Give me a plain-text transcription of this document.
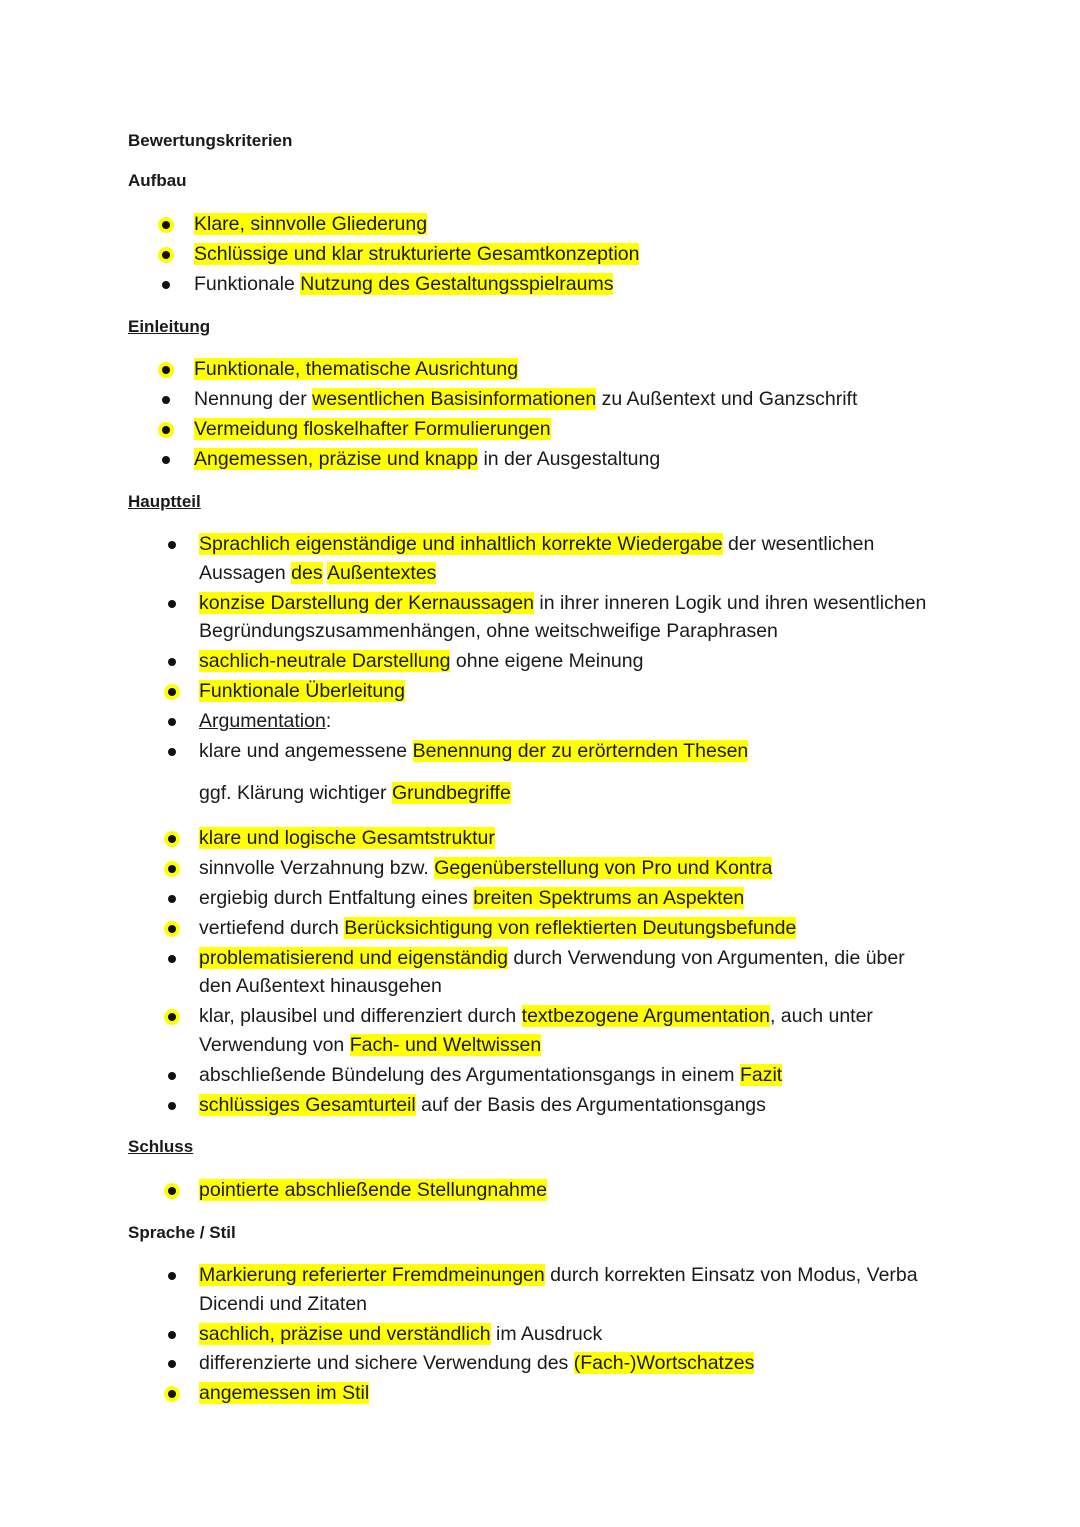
Bewertungskriterien
Aufbau
Klare, sinnvolle Gliederung
Schlüssige und klar strukturierte Gesamtkonzeption
Funktionale Nutzung des Gestaltungsspielraums
Einleitung
Funktionale, thematische Ausrichtung
Nennung der wesentlichen Basisinformationen zu Außentext und Ganzschrift
Vermeidung floskelhafter Formulierungen
Angemessen, präzise und knapp in der Ausgestaltung
Hauptteil
Sprachlich eigenständige und inhaltlich korrekte Wiedergabe der wesentlichen
Aussagen des Außentextes
konzise Darstellung der Kernaussagen in ihrer inneren Logik und ihren wesentlichen
Begründungszusammenhängen, ohne weitschweifige Paraphrasen
sachlich-neutrale Darstellung ohne eigene Meinung
Funktionale Überleitung
Argumentation:
klare und angemessene Benennung der zu erörternden Thesen
ggf. Klärung wichtiger Grundbegriffe
klare und logische Gesamtstruktur
sinnvolle Verzahnung bzw. Gegenüberstellung von Pro und Kontra
ergiebig durch Entfaltung eines breiten Spektrums an Aspekten
vertiefend durch Berücksichtigung von reflektierten Deutungsbefunde
problematisierend und eigenständig durch Verwendung von Argumenten, die über
den Außentext hinausgehen
klar, plausibel und differenziert durch textbezogene Argumentation, auch unter
Verwendung von Fach- und Weltwissen
abschließende Bündelung des Argumentationsgangs in einem Fazit
schlüssiges Gesamturteil auf der Basis des Argumentationsgangs
Schluss
pointierte abschließende Stellungnahme
Sprache / Stil
Markierung referierter Fremdmeinungen durch korrekten Einsatz von Modus, Verba
Dicendi und Zitaten
sachlich, präzise und verständlich im Ausdruck
differenzierte und sichere Verwendung des (Fach-)Wortschatzes
angemessen im Stil
